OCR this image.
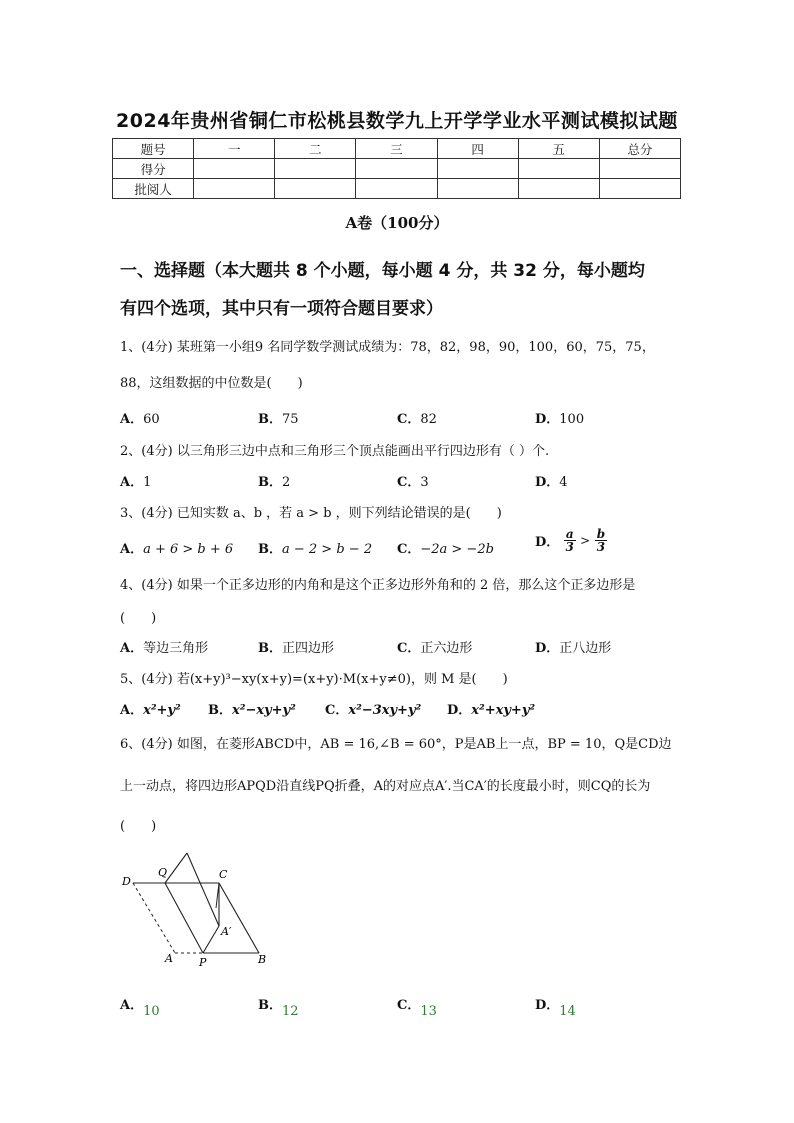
2024年贵州省铜仁市松桃县数学九上开学学业水平测试模拟试题
题号	一	二	三	四	五	总分
得分						
批阅人						
A卷（100分）
一、选择题（本大题共 8 个小题，每小题 4 分，共 32 分，每小题均
有四个选项，其中只有一项符合题目要求）
1、(4分) 某班第一小组9 名同学数学测试成绩为：78，82，98，90，100，60，75，75，
88，这组数据的中位数是(　　)
A．60	B．75	C．82	D．100
2、(4分) 以三角形三边中点和三角形三个顶点能画出平行四边形有（ ）个.
A．1	B．2	C．3	D．4
3、(4分) 已知实数 a、b ，若 a > b ，则下列结论错误的是(　　)
A．a + 6 > b + 6 B．a − 2 > b − 2 C．−2a > −2b	D． $\frac{a}{3} > \frac{b}{3}$
4、(4分) 如果一个正多边形的内角和是这个正多边形外角和的 2 倍，那么这个正多边形是
(　　)
A．等边三角形	B．正四边形	C．正六边形	D．正八边形
5、(4分) 若(x+y)³−xy(x+y)=(x+y)·M(x+y≠0)，则 M 是(　　)
A．x²+y² B．x²−xy+y² C．x²−3xy+y² D．x²+xy+y²
6、(4分) 如图，在菱形ABCD中，AB = 16,∠B = 60°，P是AB上一点，BP = 10，Q是CD边
上一动点，将四边形APQD沿直线PQ折叠，A的对应点A′.当CA′的长度最小时，则CQ的长为
(　　)
D
Q	C
A′
A P	B
A．10	B．12	C．13	D．14
